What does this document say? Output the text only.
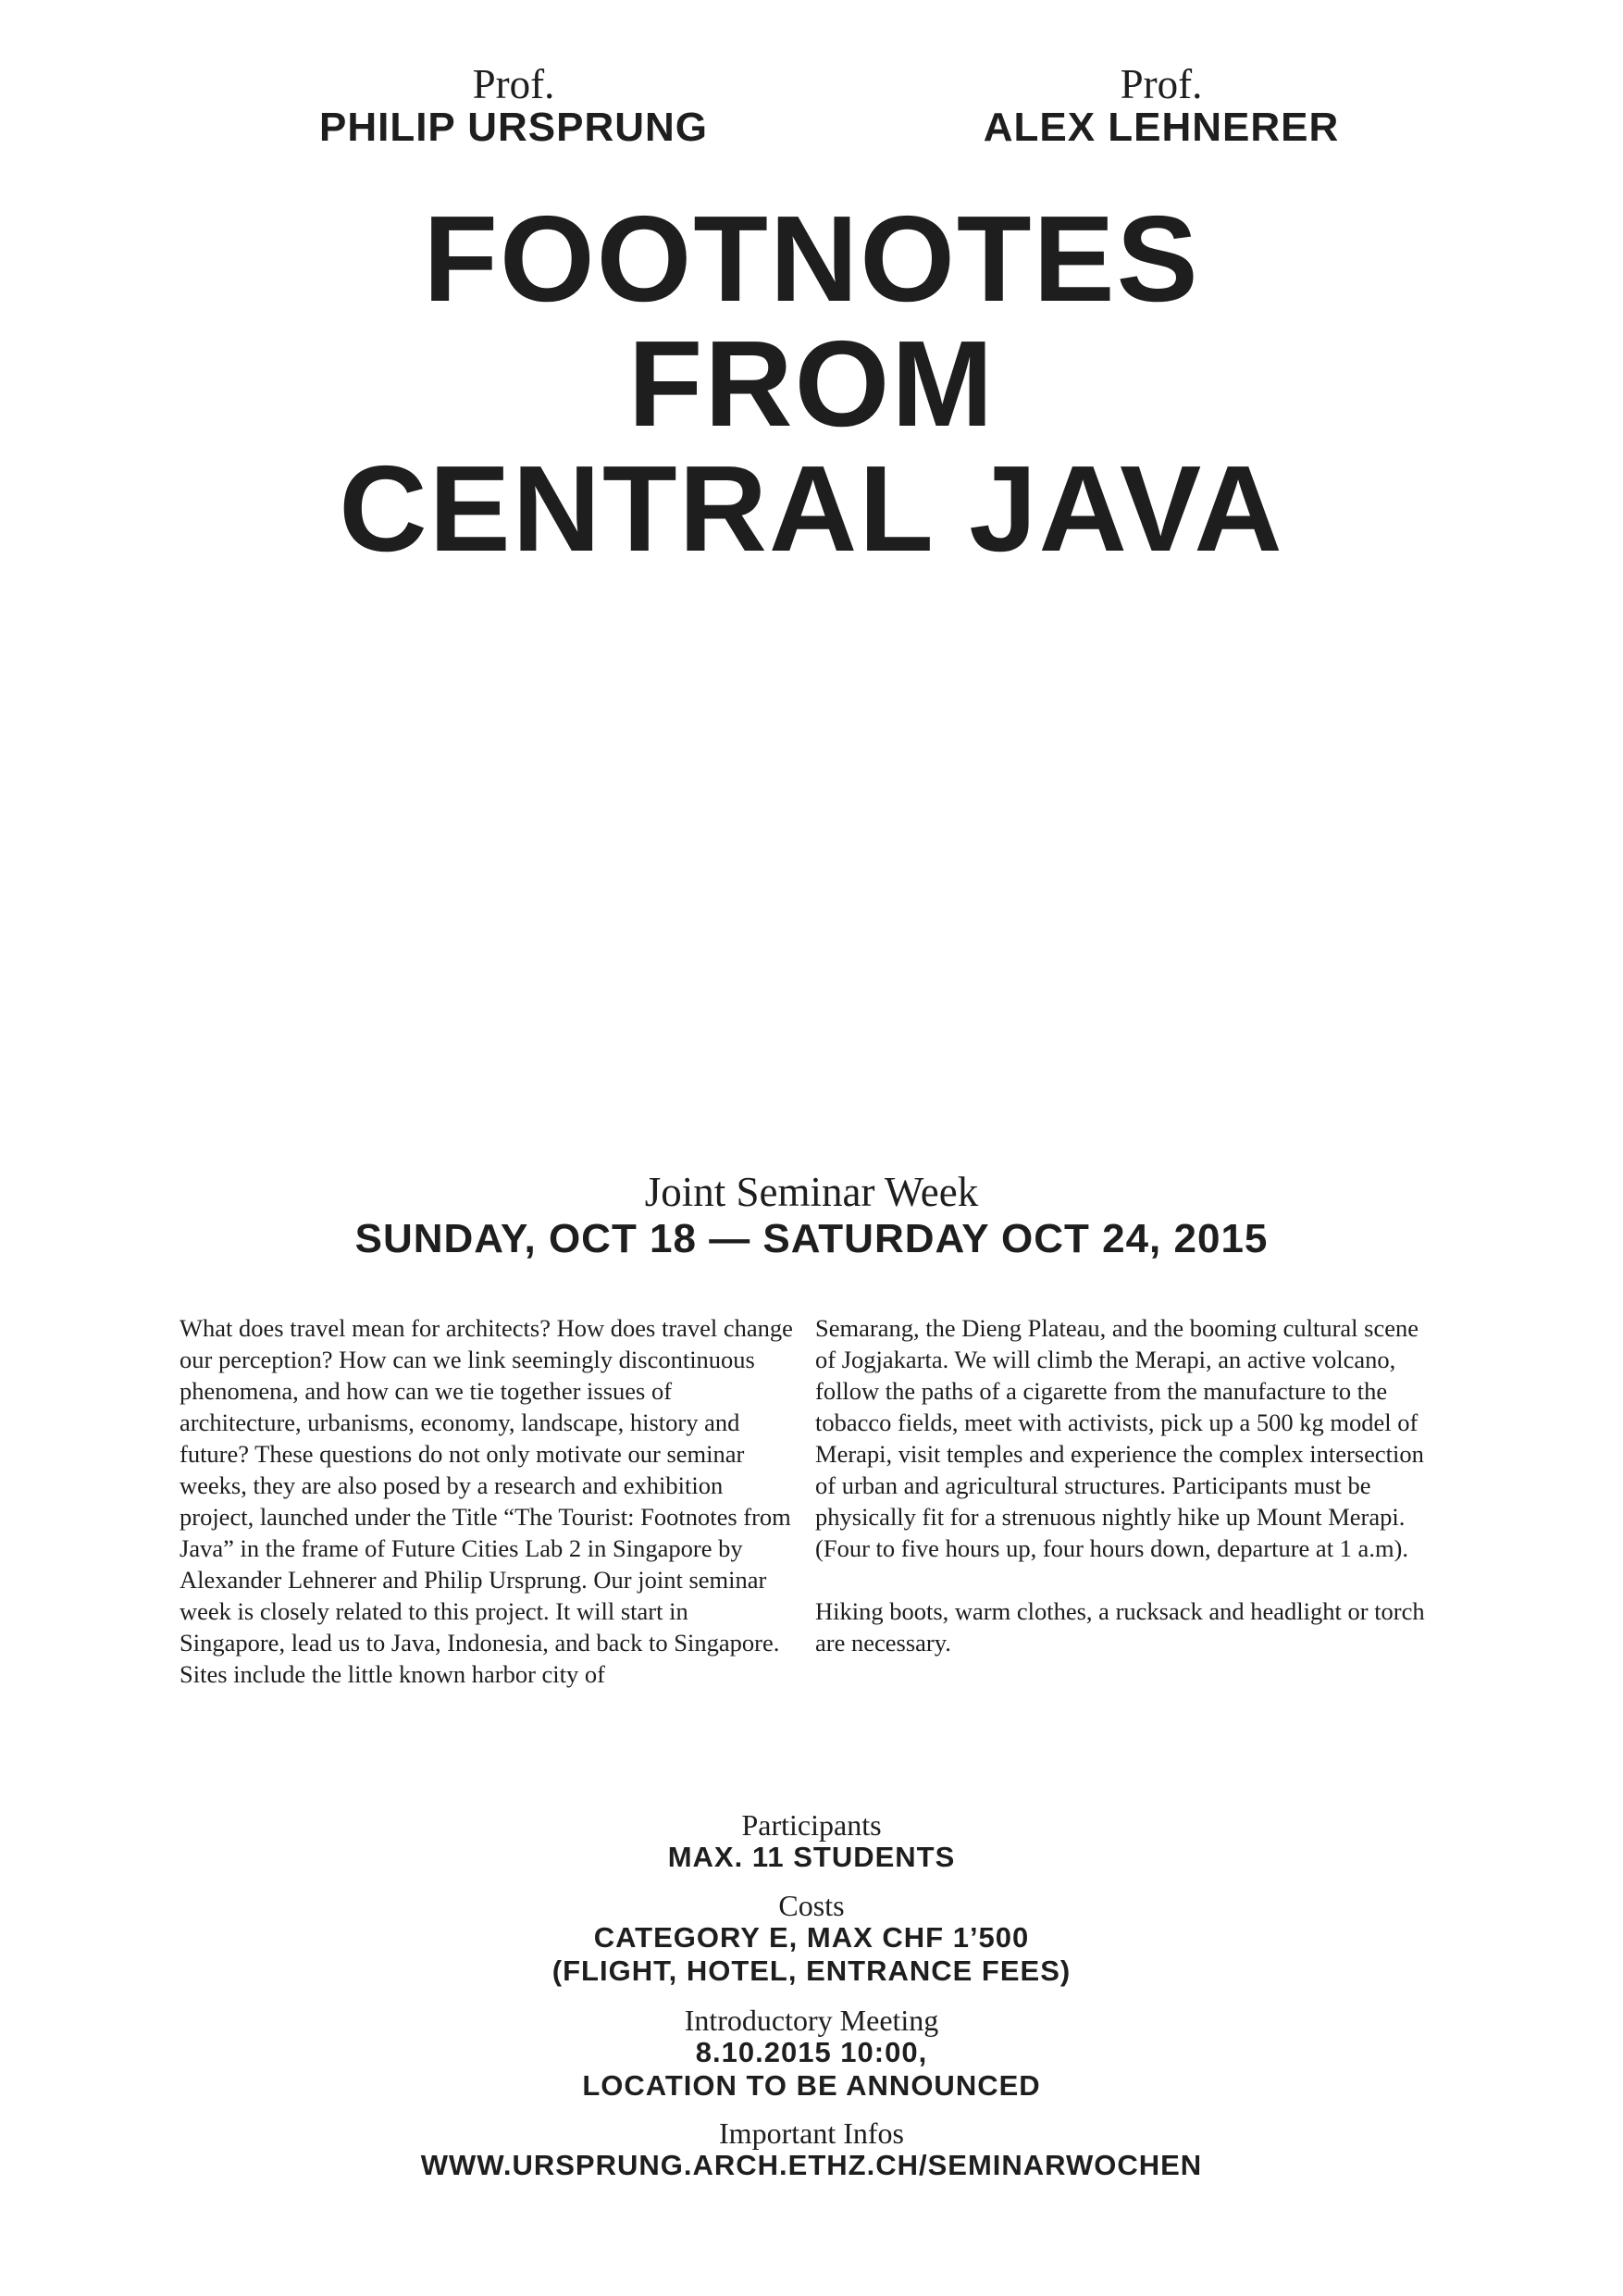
Prof.
PHILIP URSPRUNG
Prof.
ALEX LEHNERER
FOOTNOTES
FROM
CENTRAL JAVA
Joint Seminar Week
SUNDAY, OCT 18 — SATURDAY OCT 24, 2015

What does travel mean for architects? How does travel change our perception? How can we link seemingly discontinuous phenomena, and how can we tie together issues of architecture, urbanisms, economy, landscape, history and future? These questions do not only motivate our seminar weeks, they are also posed by a research and exhibition project, launched under the Title “The Tourist: Footnotes from Java” in the frame of Future Cities Lab 2 in Singapore by Alexander Lehnerer and Philip Ursprung. Our joint seminar week is closely related to this project. It will start in Singapore, lead us to Java, Indonesia, and back to Singapore. Sites include the little known harbor city of

Semarang, the Dieng Plateau, and the booming cultural scene of Jogjakarta. We will climb the Merapi, an active volcano, follow the paths of a cigarette from the manufacture to the tobacco fields, meet with activists, pick up a 500 kg model of Merapi, visit temples and experience the complex intersection of urban and agricultural structures. Participants must be physically fit for a strenuous nightly hike up Mount Merapi. (Four to five hours up, four hours down, departure at 1 a.m).

Hiking boots, warm clothes, a rucksack and headlight or torch are necessary.

Participants
MAX. 11 STUDENTS
Costs
CATEGORY E, MAX CHF 1’500
(FLIGHT, HOTEL, ENTRANCE FEES)
Introductory Meeting
8.10.2015 10:00,
LOCATION TO BE ANNOUNCED
Important Infos
WWW.URSPRUNG.ARCH.ETHZ.CH/SEMINARWOCHEN
